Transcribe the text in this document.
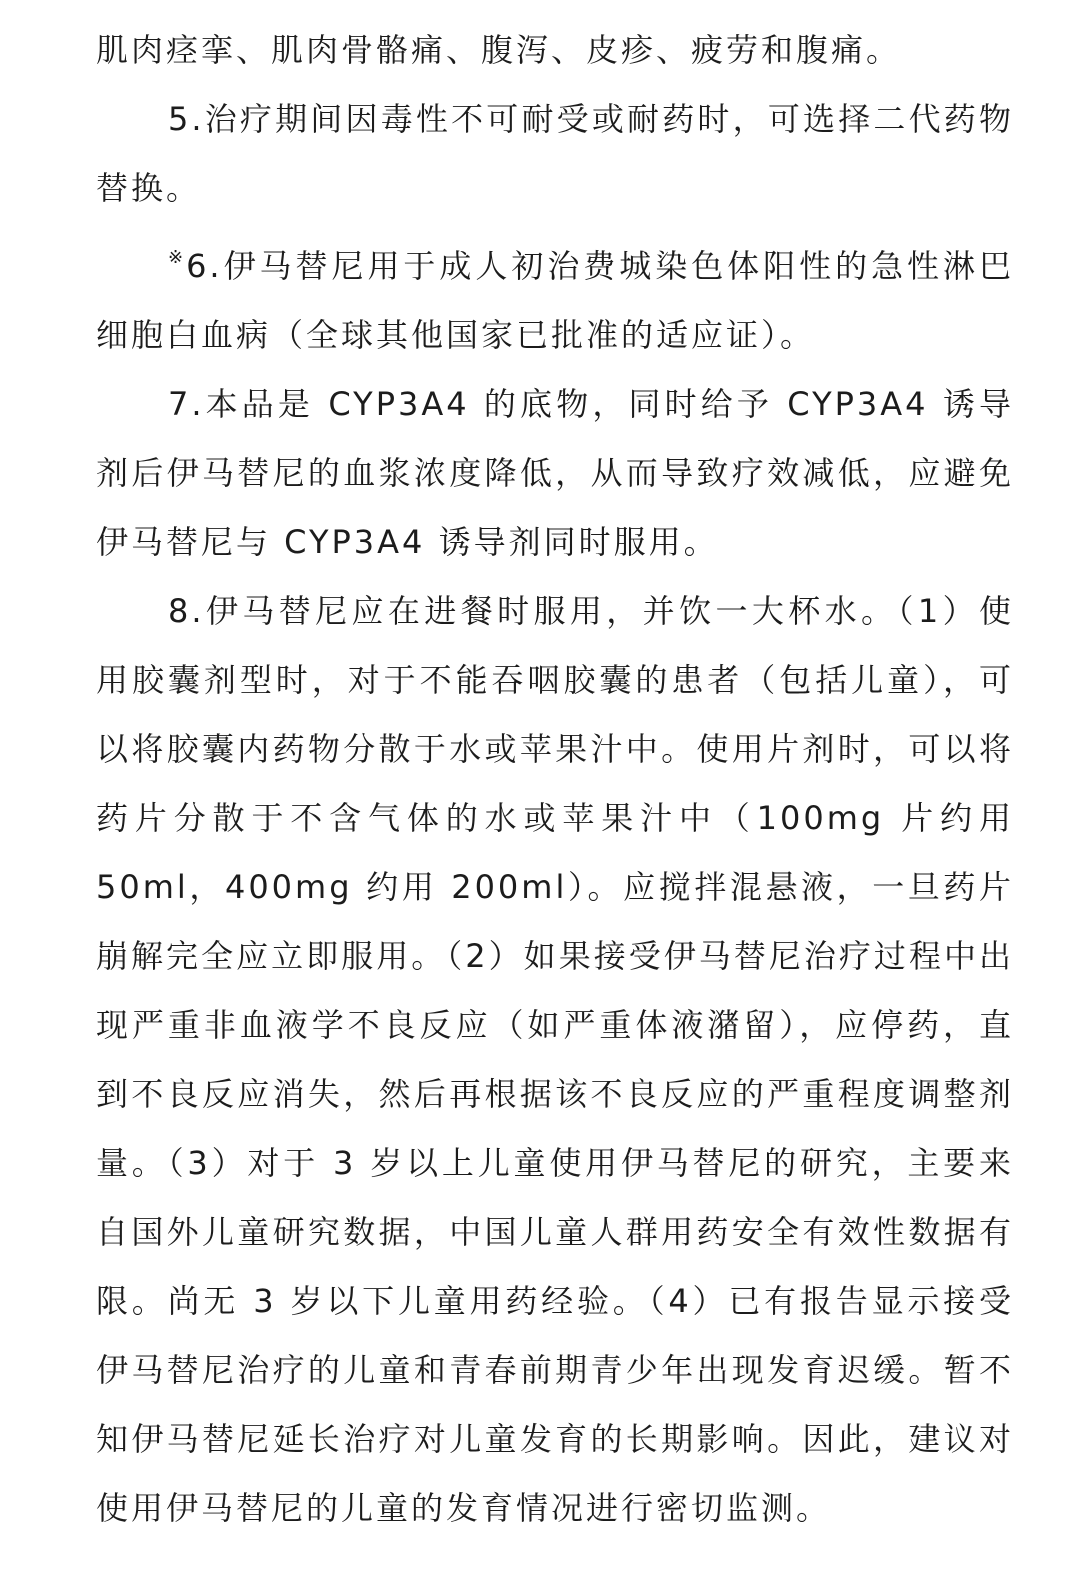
肌肉痉挛、肌肉骨骼痛、腹泻、皮疹、疲劳和腹痛。

5.治疗期间因毒性不可耐受或耐药时，可选择二代药物替换。

※6.伊马替尼用于成人初治费城染色体阳性的急性淋巴细胞白血病（全球其他国家已批准的适应证）。

7.本品是 CYP3A4 的底物，同时给予 CYP3A4 诱导剂后伊马替尼的血浆浓度降低，从而导致疗效减低，应避免伊马替尼与 CYP3A4 诱导剂同时服用。

8.伊马替尼应在进餐时服用，并饮一大杯水。（1）使用胶囊剂型时，对于不能吞咽胶囊的患者（包括儿童），可以将胶囊内药物分散于水或苹果汁中。使用片剂时，可以将药片分散于不含气体的水或苹果汁中（100mg 片约用 50ml，400mg 约用 200ml）。应搅拌混悬液，一旦药片崩解完全应立即服用。（2）如果接受伊马替尼治疗过程中出现严重非血液学不良反应（如严重体液潴留），应停药，直到不良反应消失，然后再根据该不良反应的严重程度调整剂量。（3）对于 3 岁以上儿童使用伊马替尼的研究，主要来自国外儿童研究数据，中国儿童人群用药安全有效性数据有限。尚无 3 岁以下儿童用药经验。（4）已有报告显示接受伊马替尼治疗的儿童和青春前期青少年出现发育迟缓。暂不知伊马替尼延长治疗对儿童发育的长期影响。因此，建议对使用伊马替尼的儿童的发育情况进行密切监测。
